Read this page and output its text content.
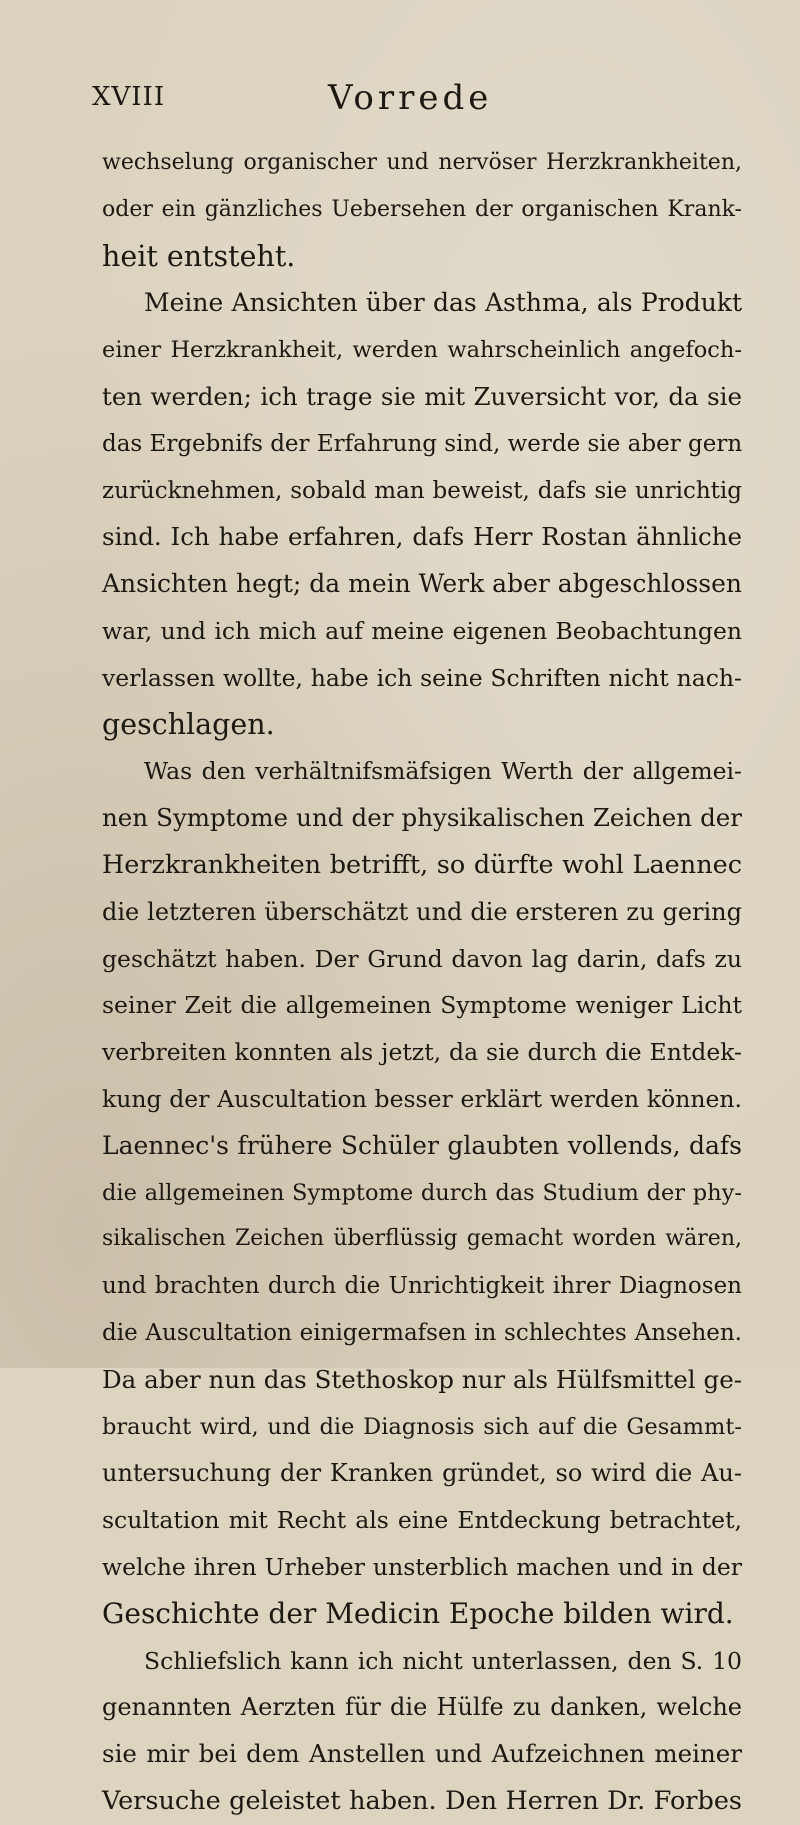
XVIII	Vorrede
wechselung organischer und nervöser Herzkrankheiten,
oder ein gänzliches Uebersehen der organischen Krank-
heit entsteht.
Meine Ansichten über das Asthma, als Produkt
einer Herzkrankheit, werden wahrscheinlich angefoch-
ten werden; ich trage sie mit Zuversicht vor, da sie
das Ergebnifs der Erfahrung sind, werde sie aber gern
zurücknehmen, sobald man beweist, dafs sie unrichtig
sind. Ich habe erfahren, dafs Herr Rostan ähnliche
Ansichten hegt; da mein Werk aber abgeschlossen
war, und ich mich auf meine eigenen Beobachtungen
verlassen wollte, habe ich seine Schriften nicht nach-
geschlagen.
Was den verhältnifsmäfsigen Werth der allgemei-
nen Symptome und der physikalischen Zeichen der
Herzkrankheiten betrifft, so dürfte wohl Laennec
die letzteren überschätzt und die ersteren zu gering
geschätzt haben. Der Grund davon lag darin, dafs zu
seiner Zeit die allgemeinen Symptome weniger Licht
verbreiten konnten als jetzt, da sie durch die Entdek-
kung der Auscultation besser erklärt werden können.
Laennec's frühere Schüler glaubten vollends, dafs
die allgemeinen Symptome durch das Studium der phy-
sikalischen Zeichen überflüssig gemacht worden wären,
und brachten durch die Unrichtigkeit ihrer Diagnosen
die Auscultation einigermafsen in schlechtes Ansehen.
Da aber nun das Stethoskop nur als Hülfsmittel ge-
braucht wird, und die Diagnosis sich auf die Gesammt-
untersuchung der Kranken gründet, so wird die Au-
scultation mit Recht als eine Entdeckung betrachtet,
welche ihren Urheber unsterblich machen und in der
Geschichte der Medicin Epoche bilden wird.
Schliefslich kann ich nicht unterlassen, den S. 10
genannten Aerzten für die Hülfe zu danken, welche
sie mir bei dem Anstellen und Aufzeichnen meiner
Versuche geleistet haben. Den Herren Dr. Forbes
